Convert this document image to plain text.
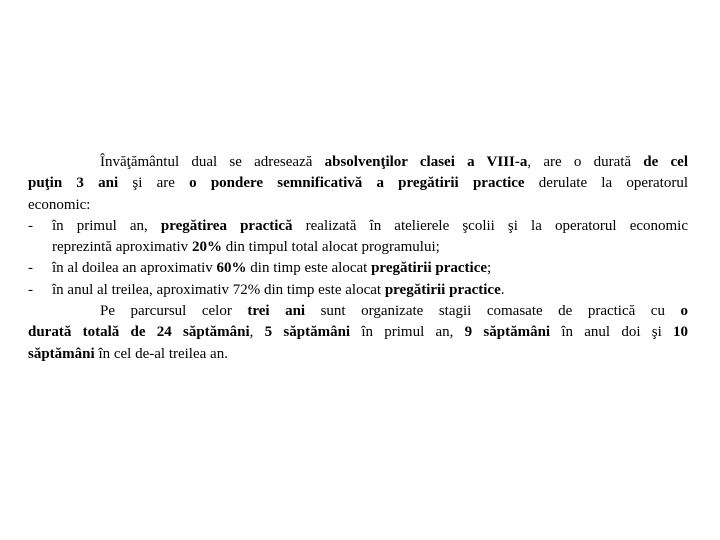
Învăţământul dual se adresează absolvenţilor clasei a VIII-a, are o durată de cel
puţin 3 ani şi are o pondere semnificativă a pregătirii practice derulate la operatorul
economic:
- în primul an, pregătirea practică realizată în atelierele şcolii şi la operatorul economic
reprezintă aproximativ 20% din timpul total alocat programului;
- în al doilea an aproximativ 60% din timp este alocat pregătirii practice;
- în anul al treilea, aproximativ 72% din timp este alocat pregătirii practice.
Pe parcursul celor trei ani sunt organizate stagii comasate de practică cu o
durată totală de 24 săptămâni, 5 săptămâni în primul an, 9 săptămâni în anul doi şi 10
săptămâni în cel de-al treilea an.
